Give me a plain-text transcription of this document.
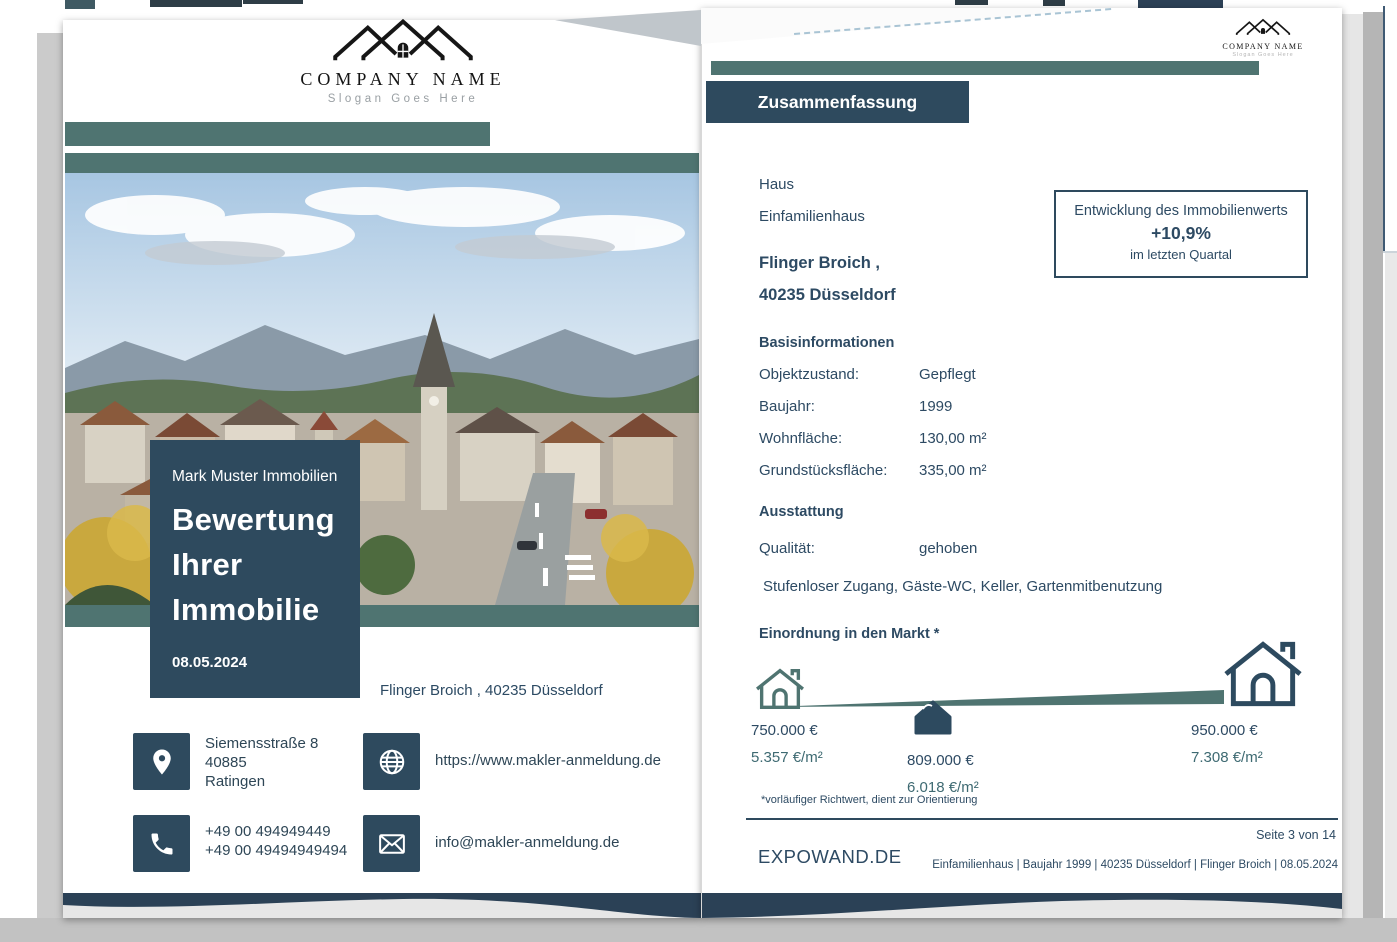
COMPANY NAME
Slogan Goes Here
Mark Muster Immobilien
Bewertung
Ihrer
Immobilie
08.05.2024
Flinger Broich , 40235 Düsseldorf
Siemensstraße 8
40885
Ratingen
https://www.makler-anmeldung.de
+49 00 494949449
+49 00 49494949494	info@makler-anmeldung.de
COMPANY NAME
Slogan Goes Here
Zusammenfassung
Haus
Einfamilienhaus
Flinger Broich ,
40235 Düsseldorf
Entwicklung des Immobilienwerts
+10,9%
im letzten Quartal
Basisinformationen
Objektzustand:	Gepflegt
Baujahr:	1999
Wohnfläche:	130,00 m²
Grundstücksfläche: 335,00 m²
Ausstattung
Qualität:	gehoben
Stufenloser Zugang, Gäste-WC, Keller, Gartenmitbenutzung
Einordnung in den Markt *
750.000 €
5.357 €/m²	809.000 €
6.018 €/m²
950.000 €
7.308 €/m²
*vorläufiger Richtwert, dient zur Orientierung
Seite 3 von 14
EXPOWAND.DE	Einfamilienhaus | Baujahr 1999 | 40235 Düsseldorf | Flinger Broich | 08.05.2024
